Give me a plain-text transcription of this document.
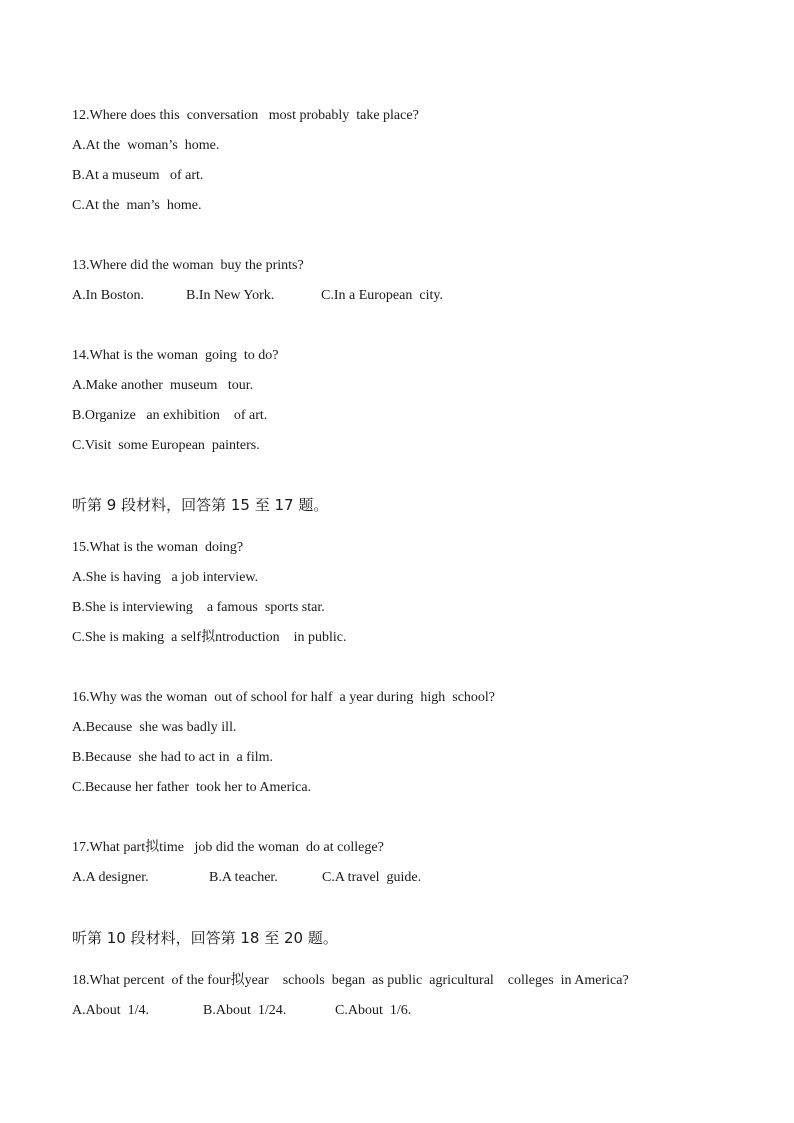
12.Where does this  conversation   most probably  take place?
A.At the  woman’s  home.
B.At a museum   of art.
C.At the  man’s  home.
13.Where did the woman  buy the prints?

A.In Boston.

	B.In New York.

	C.In a European  city.

14.What is the woman  going  to do?
A.Make another  museum   tour.
B.Organize   an exhibition    of art.
C.Visit  some European  painters.
听第 9 段材料，回答第 15 至 17 题。
15.What is the woman  doing?
A.She is having   a job interview.
B.She is interviewing    a famous  sports star.
C.She is making  a self拟ntroduction    in public.
16.Why was the woman  out of school for half  a year during  high  school?
A.Because  she was badly ill.
B.Because  she had to act in  a film.
C.Because her father  took her to America.
17.What part拟time   job did the woman  do at college?

A.A designer.

	B.A teacher.

	C.A travel  guide.

听第 10 段材料，回答第 18 至 20 题。
18.What percent  of the four拟year    schools  began  as public  agricultural    colleges  in America?

A.About  1/4.

	B.About  1/24.

	C.About  1/6.
